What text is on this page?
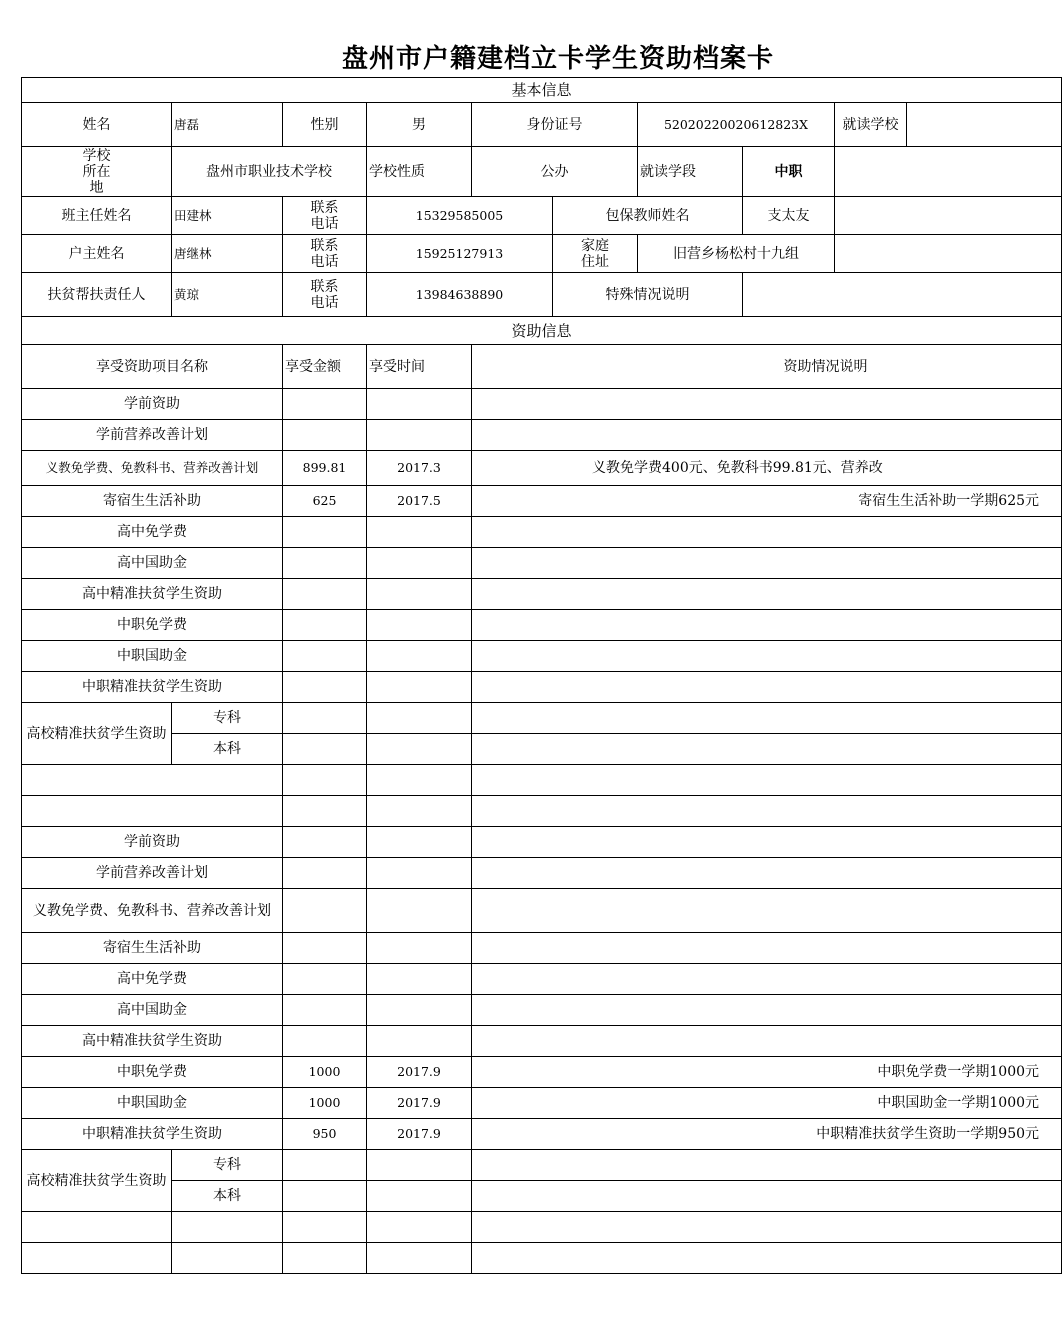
盘州市户籍建档立卡学生资助档案卡
基本信息									
姓名	唐磊	性别	男	身份证号		52020220020612823X		就读学校	
学校所在地	盘州市职业技术学校		学校性质	公办		就读学段	中职		
班主任姓名	田建林	联系电话	15329585005		包保教师姓名		支太友		
户主姓名	唐继林	联系电话	15925127913		家庭住址	旧营乡杨松村十九组			
扶贫帮扶责任人	黄琼	联系电话	13984638890		特殊情况说明				
资助信息									
享受资助项目名称		享受金额	享受时间	资助情况说明					
学前资助									
学前营养改善计划									
义教免学费、免教科书、营养改善计划		899.81	2017.3	义教免学费400元、免教科书99.81元、营养改					
寄宿生生活补助		625	2017.5	寄宿生生活补助一学期625元					
高中免学费									
高中国助金									
高中精准扶贫学生资助									
中职免学费									
中职国助金									
中职精准扶贫学生资助									
高校精准扶贫学生资助	专科								
	本科								

学前资助									
学前营养改善计划									
义教免学费、免教科书、营养改善计划									
寄宿生生活补助									
高中免学费									
高中国助金									
高中精准扶贫学生资助									
中职免学费		1000	2017.9	中职免学费一学期1000元					
中职国助金		1000	2017.9	中职国助金一学期1000元					
中职精准扶贫学生资助		950	2017.9	中职精准扶贫学生资助一学期950元					
高校精准扶贫学生资助	专科								
	本科								
